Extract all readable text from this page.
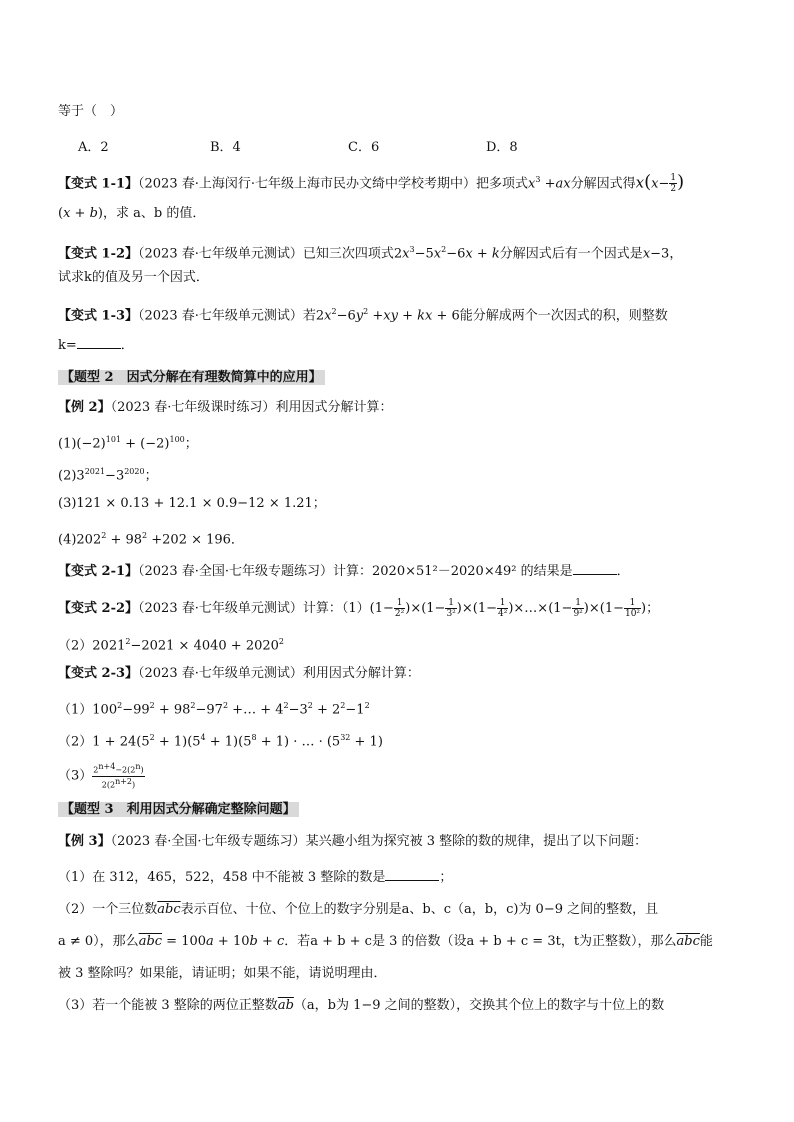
等于（　）
A．2	B．4	C．6	D．8
【变式 1-1】（2023 春·上海闵行·七年级上海市民办文绮中学校考期中）把多项式$x^3 +ax$分解因式得$x(x- \frac{1}{2}$ )
(x + b)，求 a、b 的值．
【变式 1-2】（2023 春·七年级单元测试）已知三次四项式$2x^3-5x^2-6x + k$分解因式后有一个因式是x−3，
试求k的值及另一个因式．
【变式 1-3】（2023 春·七年级单元测试）若$2x^2-6y^2 +xy$ + kx + 6能分解成两个一次因式的积，则整数
k=	．
【题型 2　因式分解在有理数简算中的应用】
【例 2】（2023 春·七年级课时练习）利用因式分解计算：
$(1)(-2)^{101} + (-2)^{100}$；
$(2)3^{2021}-3^{2020}$；
(3)121 × 0.13 + 12.1 × 0.9−12 × 1.21；
$(4)202^2 + 98^2 +202 \times 196$．
【变式 2-1】（2023 春·全国·七年级专题练习）计算：2020×51²－2020×49² 的结果是	．
【变式 2-2】（2023 春·七年级单元测试）计算：$(1)(1- \frac{1}{\text{2²}} )\times(1- \frac{1}{\text{3²}} )\times(1- \frac{1}{\text{4²}}$ )×…×(1− $\frac{1}{\text{9²}} )\times(1- \frac{1}{\text{10²}}$ )；
$(2)2021^2-2021 \times 4040 + 2020^2$
【变式 2-3】（2023 春·七年级单元测试）利用因式分解计算：
$(1)100^2-99^2 + 98^2-97^2$ +… + $4^2-3^2 + 2^2-1^2$
$(2)1 + 24(5^2 + 1)(5^4 + 1)(5^8 + 1)$ · … · $(5^{32} + 1)$
$(3) \frac{2^{n+4}-2(2^n)}{2(2^{n+2})}$
【题型 3　利用因式分解确定整除问题】
【例 3】（2023 春·全国·七年级专题练习）某兴趣小组为探究被 3 整除的数的规律，提出了以下问题：
（1）在 312，465，522，458 中不能被 3 整除的数是	；
（2）一个三位数$\overline{abc}$表示百位、十位、个位上的数字分别是a、b、c（a，b，c)为 0−9 之间的整数，且
a ≠ 0），那么$\overline{abc} = 100a + 10b + c$．若a + b + c是 3 的倍数（设a + b + c = 3t，t为正整数），那么$\overline{abc}$能
被 3 整除吗？如果能，请证明；如果不能，请说明理由．
（3）若一个能被 3 整除的两位正整数$\overline{ab}(a$，b为 1−9 之间的整数），交换其个位上的数字与十位上的数
